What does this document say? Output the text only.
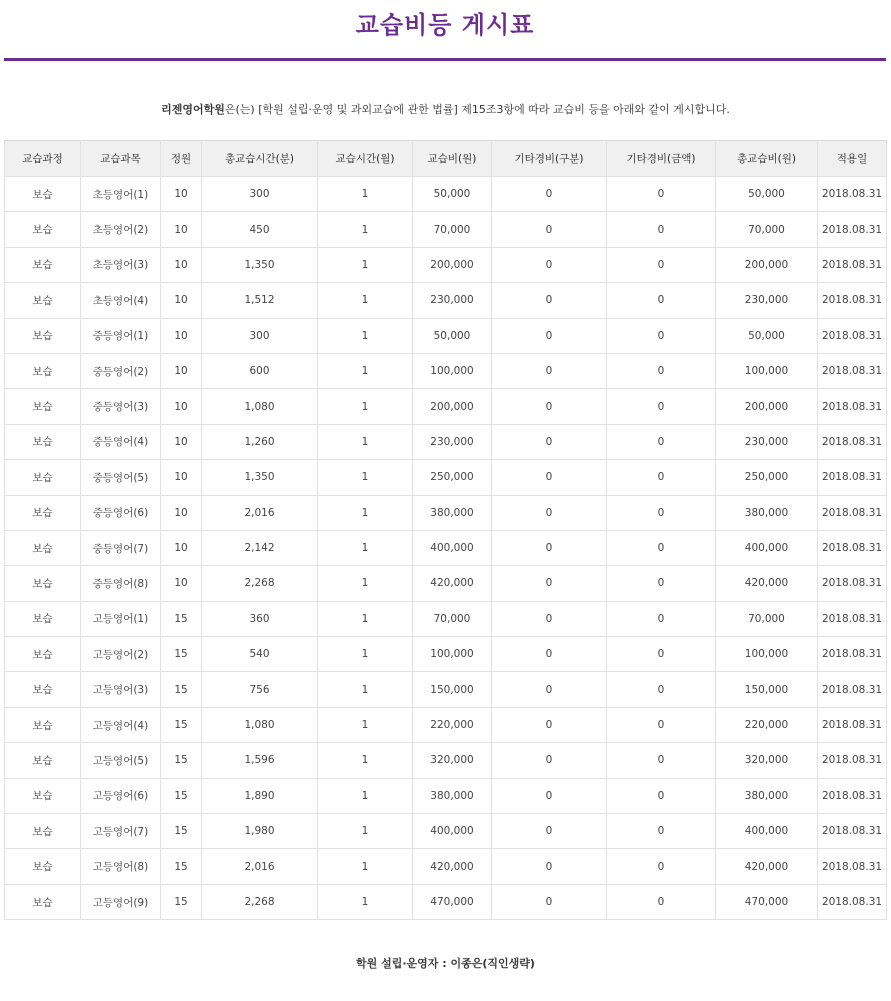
교습비등 게시표
리젠영어학원은(는) [학원 설립·운영 및 과외교습에 관한 법률] 제15조3항에 따라 교습비 등을 아래와 같이 게시합니다.
교습과정	교습과목	정원	총교습시간(분)	교습시간(월)	교습비(원)	기타경비(구분)	기타경비(금액)	총교습비(원)	적용일
보습	초등영어(1)	10	300	1	50,000	0	0	50,000	2018.08.31
보습	초등영어(2)	10	450	1	70,000	0	0	70,000	2018.08.31
보습	초등영어(3)	10	1,350	1	200,000	0	0	200,000	2018.08.31
보습	초등영어(4)	10	1,512	1	230,000	0	0	230,000	2018.08.31
보습	중등영어(1)	10	300	1	50,000	0	0	50,000	2018.08.31
보습	중등영어(2)	10	600	1	100,000	0	0	100,000	2018.08.31
보습	중등영어(3)	10	1,080	1	200,000	0	0	200,000	2018.08.31
보습	중등영어(4)	10	1,260	1	230,000	0	0	230,000	2018.08.31
보습	중등영어(5)	10	1,350	1	250,000	0	0	250,000	2018.08.31
보습	중등영어(6)	10	2,016	1	380,000	0	0	380,000	2018.08.31
보습	중등영어(7)	10	2,142	1	400,000	0	0	400,000	2018.08.31
보습	중등영어(8)	10	2,268	1	420,000	0	0	420,000	2018.08.31
보습	고등영어(1)	15	360	1	70,000	0	0	70,000	2018.08.31
보습	고등영어(2)	15	540	1	100,000	0	0	100,000	2018.08.31
보습	고등영어(3)	15	756	1	150,000	0	0	150,000	2018.08.31
보습	고등영어(4)	15	1,080	1	220,000	0	0	220,000	2018.08.31
보습	고등영어(5)	15	1,596	1	320,000	0	0	320,000	2018.08.31
보습	고등영어(6)	15	1,890	1	380,000	0	0	380,000	2018.08.31
보습	고등영어(7)	15	1,980	1	400,000	0	0	400,000	2018.08.31
보습	고등영어(8)	15	2,016	1	420,000	0	0	420,000	2018.08.31
보습	고등영어(9)	15	2,268	1	470,000	0	0	470,000	2018.08.31
학원 설립·운영자 : 이종은(직인생략)
